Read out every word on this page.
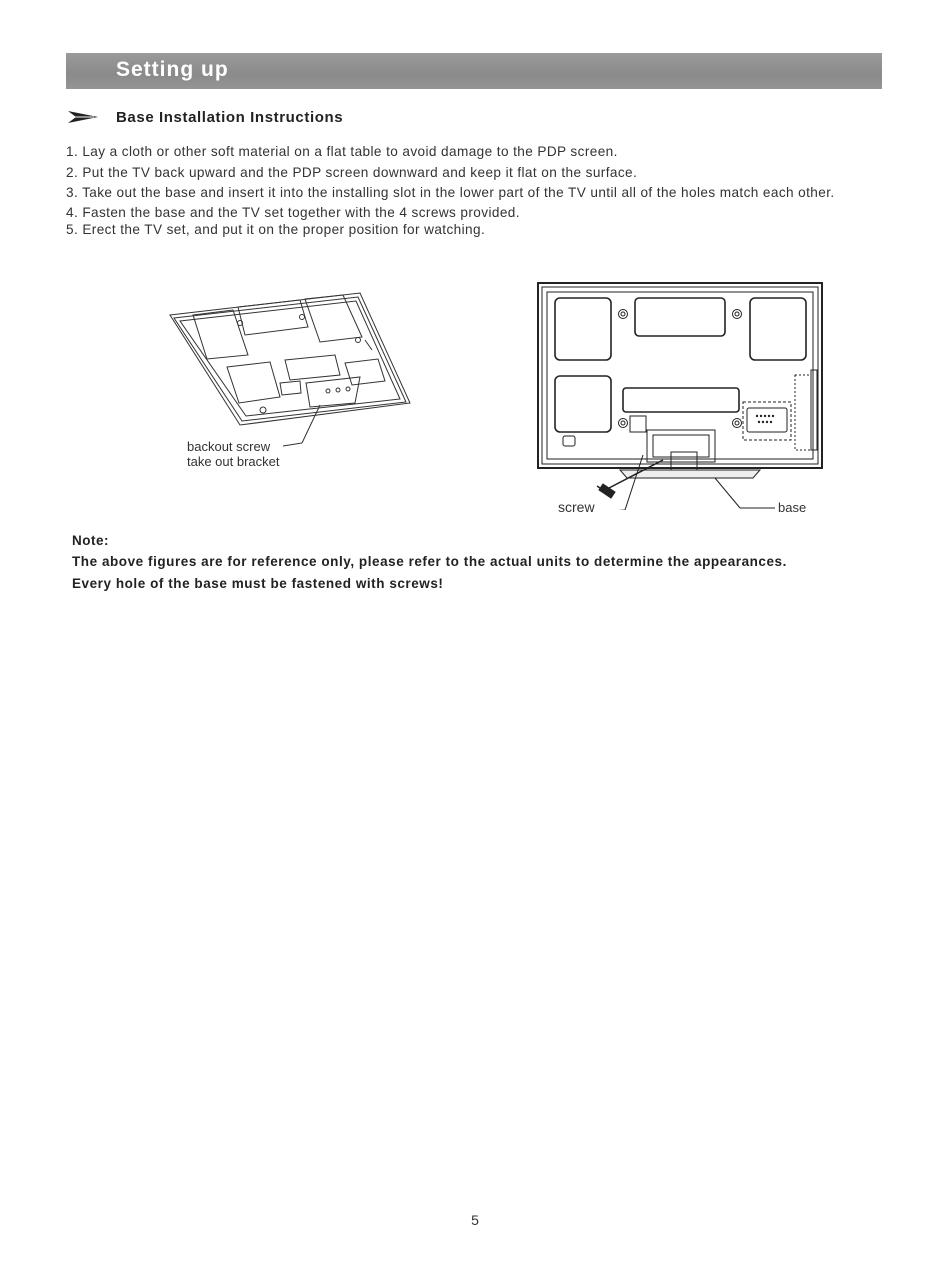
Setting up
Base Installation Instructions
1. Lay a cloth or other soft material on a flat table to avoid damage to the PDP screen.
2. Put the TV back upward and the PDP screen downward and keep it flat on the surface.
3. Take out the base and insert it into the installing slot in the lower part of the TV until all of the holes match each other.
4. Fasten the base and the TV set together with the 4 screws provided.
5. Erect the TV set, and put it on the proper position for watching.
backout screw
take out bracket
screw	base
Note:
The above figures are for reference only, please refer to the actual units to determine the appearances.
Every hole of the base must be fastened with screws!
5
